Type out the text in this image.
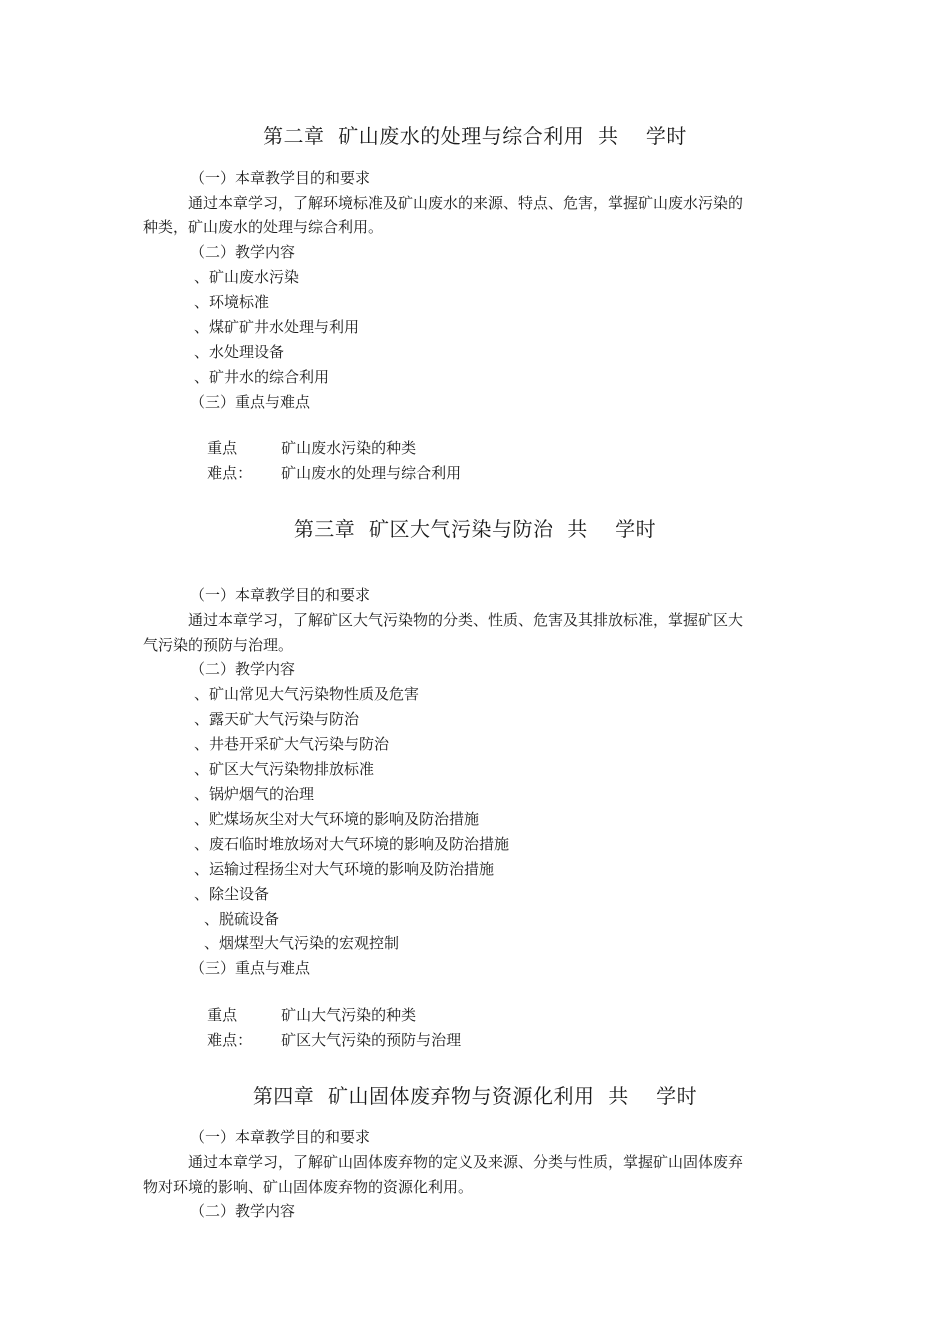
第二章  矿山废水的处理与综合利用  共    学时
（一）本章教学目的和要求
通过本章学习，了解环境标准及矿山废水的来源、特点、危害，掌握矿山废水污染的
种类，矿山废水的处理与综合利用。
（二）教学内容
、矿山废水污染
、环境标准
、煤矿矿井水处理与利用
、水处理设备
、矿井水的综合利用
（三）重点与难点

重点	矿山废水污染的种类

难点： 矿山废水的处理与综合利用

第三章  矿区大气污染与防治  共    学时
（一）本章教学目的和要求
通过本章学习，了解矿区大气污染物的分类、性质、危害及其排放标准，掌握矿区大
气污染的预防与治理。
（二）教学内容
、矿山常见大气污染物性质及危害
、露天矿大气污染与防治
、井巷开采矿大气污染与防治
、矿区大气污染物排放标准
、锅炉烟气的治理
、贮煤场灰尘对大气环境的影响及防治措施
、废石临时堆放场对大气环境的影响及防治措施
、运输过程扬尘对大气环境的影响及防治措施
、除尘设备
、脱硫设备
、烟煤型大气污染的宏观控制
（三）重点与难点

重点	矿山大气污染的种类

难点： 矿区大气污染的预防与治理

第四章  矿山固体废弃物与资源化利用  共    学时
（一）本章教学目的和要求
通过本章学习，了解矿山固体废弃物的定义及来源、分类与性质，掌握矿山固体废弃
物对环境的影响、矿山固体废弃物的资源化利用。
（二）教学内容
